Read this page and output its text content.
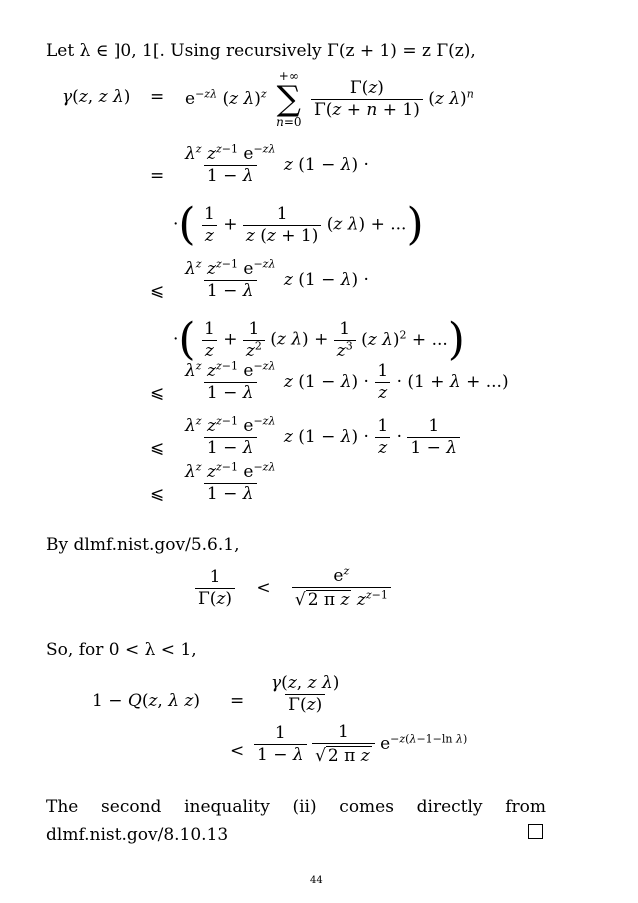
Let λ ∈ ]0, 1[. Using recursively Γ(z + 1) = z Γ(z),
γ(z, z $\lambda) = e^{-z\lambda}$ (z λ)$^z$
+∞
∑
n=0

$\frac{\Gamma(z)}{\Gamma(z + n + 1)} (z$ λ)$^n$
= $\frac{\lambda^z z^{z-1} e^{-z\lambda}}{1 - \lambda}$ z (1 − λ) ·
·( $\frac{1}{z} + \frac{1}{z (z + 1)} (z$ λ) + ...)
⩽ $\frac{\lambda^z z^{z-1} e^{-z\lambda}}{1 - \lambda}$ z (1 − λ) ·
·( $\frac{1}{z} + \frac{1}{z^2} (z$ $\lambda) + \frac{1}{z^3} (z$ λ)$^2$ + ...)
⩽ $\frac{\lambda^z z^{z-1} e^{-z\lambda}}{1 - \lambda}$ z $(1 - \lambda) \cdot \frac{1}{z} \cdot (1 + \lambda$ + ...)
⩽ $\frac{\lambda^z z^{z-1} e^{-z\lambda}}{1 - \lambda}$ z $(1 - \lambda) \cdot \frac{1}{z} \cdot \frac{1}{1 - \lambda}$
⩽ $\frac{\lambda^z z^{z-1} e^{-z\lambda}}{1 - \lambda}$
By dlmf.nist.gov/5.6.1,
$\frac{1}{\Gamma(z)} < \frac{e^z}{√ 2 \pi z z^{z-1}}$
So, for 0 < λ < 1,
1 − Q(z, λ $z) = \frac{\text{γ(z, z λ)}}{\Gamma(z)}$
< $\frac{1}{1 - \lambda}$
$\frac{1}{\text{√ 2 π z}} e^{-z(\lambda-1-ln \lambda)}$
The second inequality (ii) comes directly from dlmf.nist.gov/8.10.13
44
